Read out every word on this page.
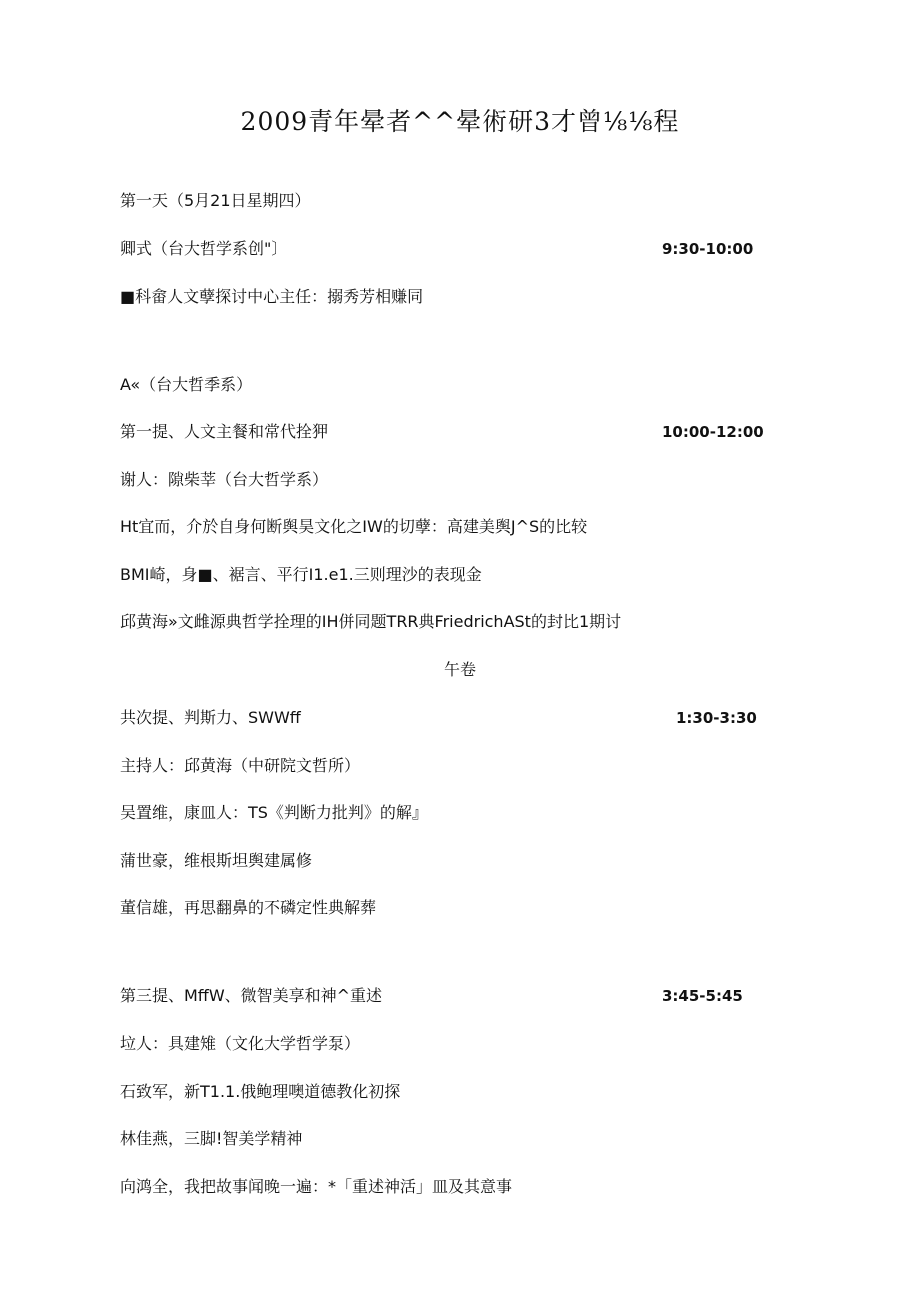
2009青年晕者^^晕術研3才曾⅛⅛程
第一天（5月21日星期四）
卿式（台大哲学系创"〕	9:30-10:00
■科畲人文孽探讨中心主任：搦秀芳相赚同
A«（台大哲季系）
第一提、人文主餐和常代拴狎	10:00-12:00
谢人：隙柴莘（台大哲学系）
Ht宜而，介於自身何断舆昊文化之IW的切孽：高建美舆J^S的比较
BMI崎，身■、裾言、平行I1.e1.三则理沙的表现金
邱黄海»文雌源典哲学拴理的IH併同题TRR典FriedrichASt的封比1期讨
午卷
共次提、判斯力、SWWff	1:30-3:30
主持人：邱黄海（中研院文哲所）
吴置维，康皿人：TS《判断力批判》的解』
蒲世豪，维根斯坦舆建属修
董信雄，再思翻鼻的不磷定性典解葬
第三提、MffW、微智美享和神^重述	3:45-5:45
垃人：具建雉（文化大学哲学泵）
石致军，新T1.1.俄鲍理噢道德教化初探
林佳燕，三脚!智美学精神
向鸿全，我把故事闻晚一遍：*「重述神活」皿及其意事
